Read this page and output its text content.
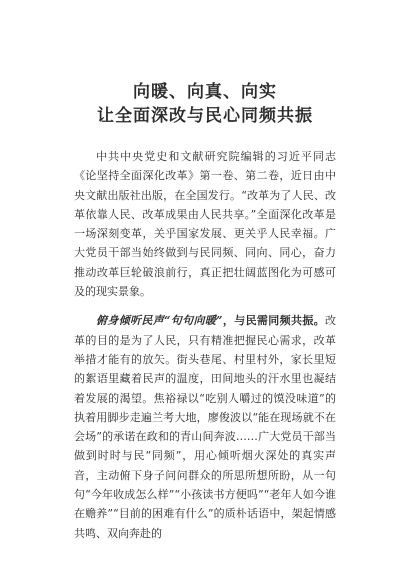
向暖、向真、向实
让全面深改与民心同频共振

中共中央党史和文献研究院编辑的习近平同志《论坚持全面深化改革》第一卷、第二卷，近日由中央文献出版社出版，在全国发行。“改革为了人民、改革依靠人民、改革成果由人民共享。”全面深化改革是一场深刻变革，关乎国家发展、更关乎人民幸福。广大党员干部当始终做到与民同频、同向、同心，奋力推动改革巨轮破浪前行，真正把壮阔蓝图化为可感可及的现实景象。

俯身倾听民声“句句向暖”，与民需同频共振。改革的目的是为了人民，只有精准把握民心需求，改革举措才能有的放矢。街头巷尾、村里村外，家长里短的絮语里藏着民声的温度，田间地头的汗水里也凝结着发展的渴望。焦裕禄以“吃别人嚼过的馍没味道”的执着用脚步走遍兰考大地，廖俊波以“能在现场就不在会场”的承诺在政和的青山间奔波……广大党员干部当做到时时与民“同频”，用心倾听烟火深处的真实声音，主动俯下身子问问群众的所思所想所盼，从一句句“今年收成怎么样”“小孩读书方便吗”“老年人如今谁在赡养”“目前的困难有什么”的质朴话语中，架起情感共鸣、双向奔赴的
